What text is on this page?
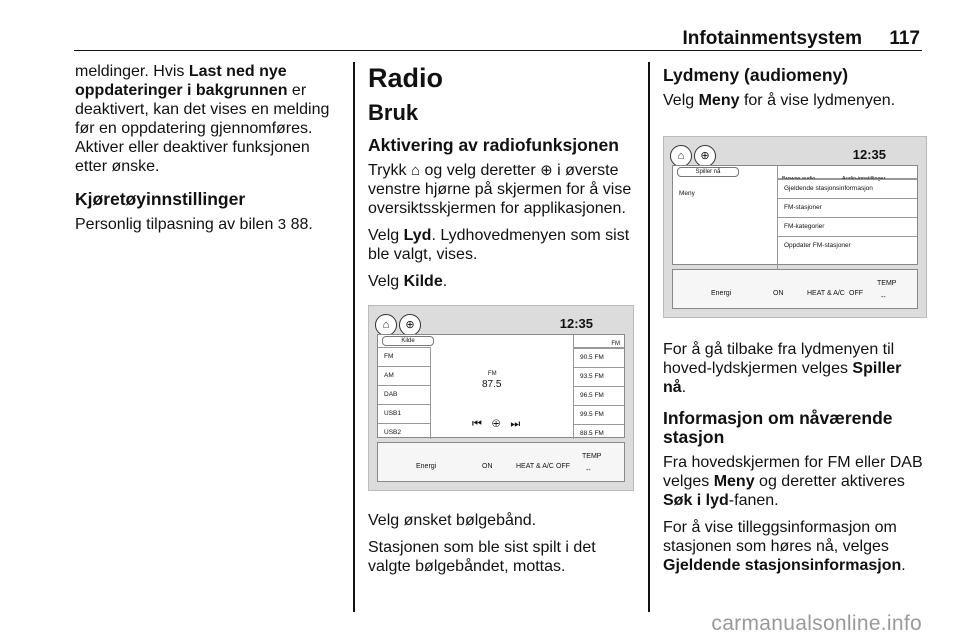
Infotainmentsystem 117

meldinger. Hvis Last ned nye oppdateringer i bakgrunnen er deaktivert, kan det vises en melding før en oppdatering gjennomføres. Aktiver eller deaktiver funksjonen etter ønske.

Kjøretøyinnstillinger

Personlig tilpasning av bilen 3 88.

Radio
Bruk
Aktivering av radiofunksjonen

Trykk ⌂ og velg deretter ⊕ i øverste venstre hjørne på skjermen for å vise oversiktsskjermen for applikasjonen.

Velg Lyd. Lydhovedmenyen som sist ble valgt, vises.

Velg Kilde.

⌂	⊕	12:35
Kilde
FM
AM
DAB
USB1
USB2
FM
87.5
⏮⊕⏭
FM
90.5 FM
93.5 FM
96.5 FM
99.5 FM
88.5 FM
Energi	ON	HEAT & A/C OFF
TEMP
--

Velg ønsket bølgebånd.

Stasjonen som ble sist spilt i det valgte bølgebåndet, mottas.

Lydmeny (audiomeny)

Velg Meny for å vise lydmenyen.

⌂	⊕	12:35
Spiller nå
Meny
Browse audio	Audio-innstillinger
Gjeldende stasjonsinformasjon
FM-stasjoner
FM-kategorier
Oppdater FM-stasjoner
Energi	ON	HEAT & A/C OFF
TEMP
--

For å gå tilbake fra lydmenyen til hoved-lydskjermen velges Spiller nå.

Informasjon om nåværende stasjon

Fra hovedskjermen for FM eller DAB velges Meny og deretter aktiveres Søk i lyd-fanen.

For å vise tilleggsinformasjon om stasjonen som høres nå, velges Gjeldende stasjonsinformasjon.

carmanualsonline.info
